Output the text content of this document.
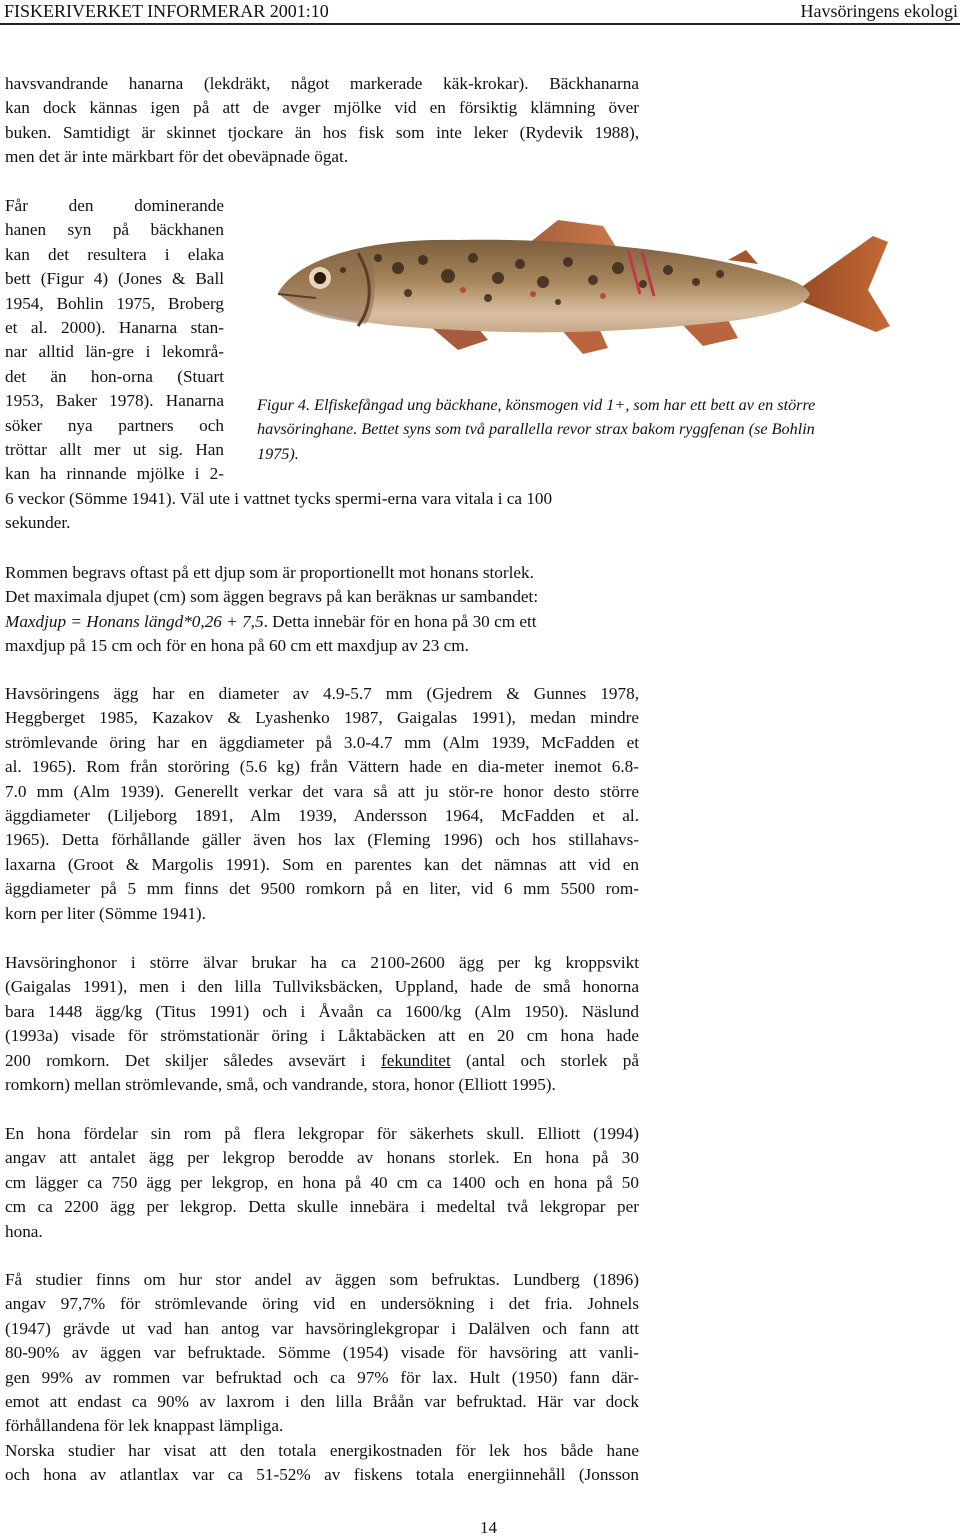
FISKERIVERKET INFORMERAR 2001:10	Havsöringens ekologi
havsvandrande hanarna (lekdräkt, något markerade käk-krokar). Bäckhanarna
kan dock kännas igen på att de avger mjölke vid en försiktig klämning över
buken. Samtidigt är skinnet tjockare än hos fisk som inte leker (Rydevik 1988),
men det är inte märkbart för det obeväpnade ögat.
Får den dominerande
hanen syn på bäckhanen
kan det resultera i elaka
bett (Figur 4) (Jones & Ball
1954, Bohlin 1975, Broberg
et al. 2000). Hanarna stan-
nar alltid län-gre i lekområ-
det än hon-orna (Stuart
1953, Baker 1978). Hanarna
söker nya partners och
tröttar allt mer ut sig. Han
kan ha rinnande mjölke i 2-
6 veckor (Sömme 1941). Väl ute i vattnet tycks spermi-erna vara vitala i ca 100
sekunder.
Figur 4. Elfiskefångad ung bäckhane, könsmogen vid 1+, som har ett bett av en större
havsöringhane. Bettet syns som två parallella revor strax bakom ryggfenan (se Bohlin
1975).
Rommen begravs oftast på ett djup som är proportionellt mot honans storlek.
Det maximala djupet (cm) som äggen begravs på kan beräknas ur sambandet:
Maxdjup = Honans längd*0,26 + 7,5. Detta innebär för en hona på 30 cm ett
maxdjup på 15 cm och för en hona på 60 cm ett maxdjup av 23 cm.
Havsöringens ägg har en diameter av 4.9-5.7 mm (Gjedrem & Gunnes 1978,
Heggberget 1985, Kazakov & Lyashenko 1987, Gaigalas 1991), medan mindre
strömlevande öring har en äggdiameter på 3.0-4.7 mm (Alm 1939, McFadden et
al. 1965). Rom från storöring (5.6 kg) från Vättern hade en dia-meter inemot 6.8-
7.0 mm (Alm 1939). Generellt verkar det vara så att ju stör-re honor desto större
äggdiameter (Liljeborg 1891, Alm 1939, Andersson 1964, McFadden et al.
1965). Detta förhållande gäller även hos lax (Fleming 1996) och hos stillahavs-
laxarna (Groot & Margolis 1991). Som en parentes kan det nämnas att vid en
äggdiameter på 5 mm finns det 9500 romkorn på en liter, vid 6 mm 5500 rom-
korn per liter (Sömme 1941).
Havsöringhonor i större älvar brukar ha ca 2100-2600 ägg per kg kroppsvikt
(Gaigalas 1991), men i den lilla Tullviksbäcken, Uppland, hade de små honorna
bara 1448 ägg/kg (Titus 1991) och i Åvaån ca 1600/kg (Alm 1950). Näslund
(1993a) visade för strömstationär öring i Låktabäcken att en 20 cm hona hade
200 romkorn. Det skiljer således avsevärt i fekunditet (antal och storlek på
romkorn) mellan strömlevande, små, och vandrande, stora, honor (Elliott 1995).
En hona fördelar sin rom på flera lekgropar för säkerhets skull. Elliott (1994)
angav att antalet ägg per lekgrop berodde av honans storlek. En hona på 30
cm lägger ca 750 ägg per lekgrop, en hona på 40 cm ca 1400 och en hona på 50
cm ca 2200 ägg per lekgrop. Detta skulle innebära i medeltal två lekgropar per
hona.
Få studier finns om hur stor andel av äggen som befruktas. Lundberg (1896)
angav 97,7% för strömlevande öring vid en undersökning i det fria. Johnels
(1947) grävde ut vad han antog var havsöringlekgropar i Dalälven och fann att
80-90% av äggen var befruktade. Sömme (1954) visade för havsöring att vanli-
gen 99% av rommen var befruktad och ca 97% för lax. Hult (1950) fann där-
emot att endast ca 90% av laxrom i den lilla Bråån var befruktad. Här var dock
förhållandena för lek knappast lämpliga.
Norska studier har visat att den totala energikostnaden för lek hos både hane
och hona av atlantlax var ca 51-52% av fiskens totala energiinnehåll (Jonsson
14
